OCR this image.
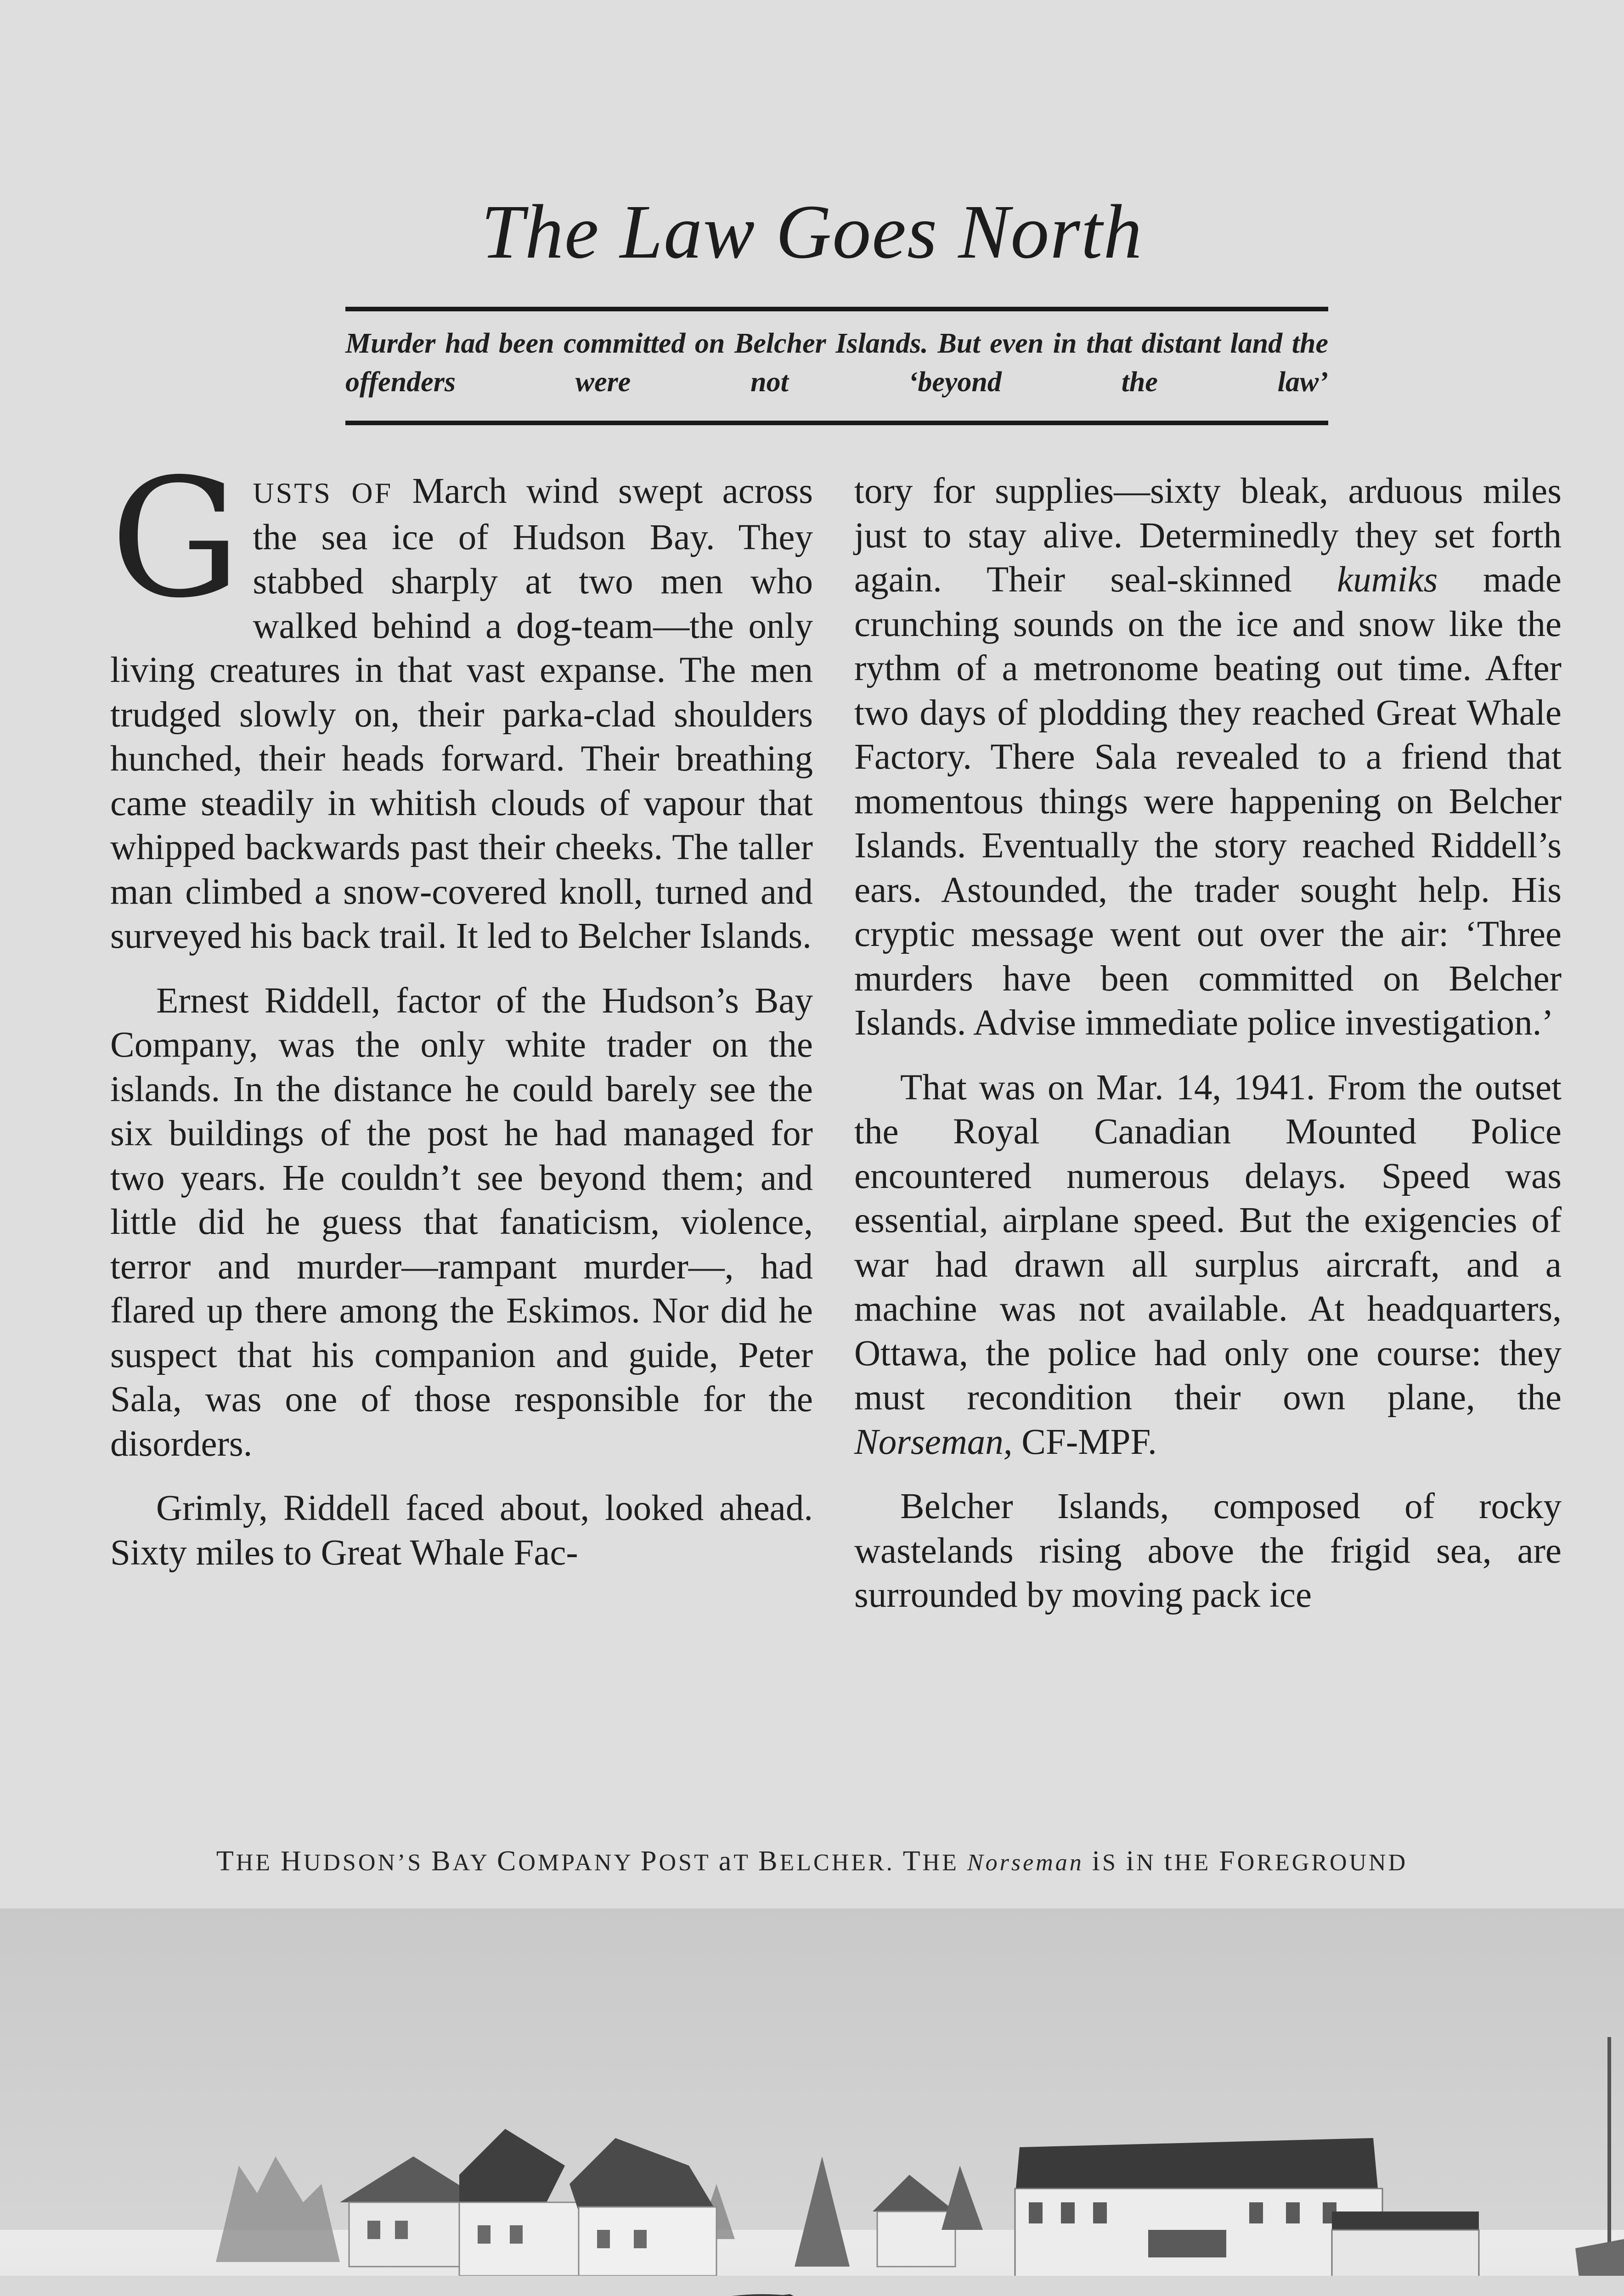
The Law Goes North
Murder had been committed on Belcher Islands. But even in that distant land the offenders were not ‘beyond the law’

GUSTS OF March wind swept across the sea ice of Hudson Bay. They stabbed sharply at two men who walked behind a dog-team—the only living creatures in that vast expanse. The men trudged slowly on, their parka-clad shoulders hunched, their heads forward. Their breathing came steadily in whitish clouds of vapour that whipped backwards past their cheeks. The taller man climbed a snow-covered knoll, turned and surveyed his back trail. It led to Belcher Islands.

Ernest Riddell, factor of the Hudson’s Bay Company, was the only white trader on the islands. In the distance he could barely see the six buildings of the post he had managed for two years. He couldn’t see beyond them; and little did he guess that fanaticism, violence, terror and murder—rampant murder—, had flared up there among the Eskimos. Nor did he suspect that his companion and guide, Peter Sala, was one of those responsible for the disorders.

Grimly, Riddell faced about, looked ahead. Sixty miles to Great Whale Fac-

tory for supplies—sixty bleak, arduous miles just to stay alive. Determinedly they set forth again. Their seal-skinned kumiks made crunching sounds on the ice and snow like the rythm of a metronome beating out time. After two days of plodding they reached Great Whale Factory. There Sala revealed to a friend that momentous things were happening on Belcher Islands. Eventually the story reached Riddell’s ears. Astounded, the trader sought help. His cryptic message went out over the air: ‘Three murders have been committed on Belcher Islands. Advise immediate police investigation.’

That was on Mar. 14, 1941. From the outset the Royal Canadian Mounted Police encountered numerous delays. Speed was essential, airplane speed. But the exigencies of war had drawn all surplus aircraft, and a machine was not available. At headquarters, Ottawa, the police had only one course: they must recondition their own plane, the Norseman, CF-MPF.

Belcher Islands, composed of rocky wastelands rising above the frigid sea, are surrounded by moving pack ice

THE HUDSON’S BAY COMPANY POST aT BELCHER. THE Norseman iS iN tHE FOREGROUND
